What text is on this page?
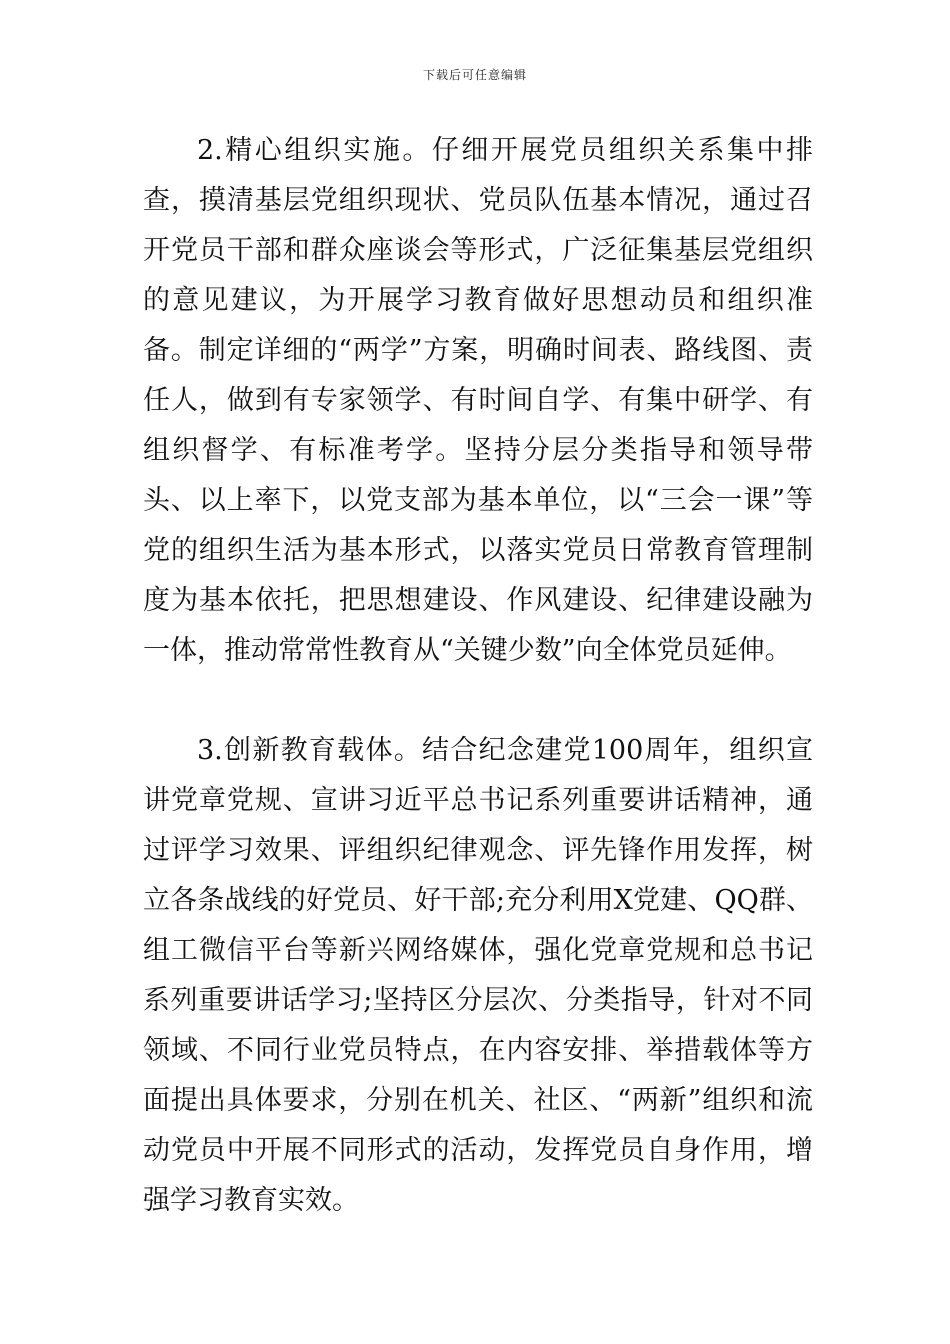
下载后可任意编辑

2.精心组织实施。仔细开展党员组织关系集中排查，摸清基层党组织现状、党员队伍基本情况，通过召开党员干部和群众座谈会等形式，广泛征集基层党组织的意见建议，为开展学习教育做好思想动员和组织准备。制定详细的“两学”方案，明确时间表、路线图、责任人，做到有专家领学、有时间自学、有集中研学、有组织督学、有标准考学。坚持分层分类指导和领导带头、以上率下，以党支部为基本单位，以“三会一课”等党的组织生活为基本形式，以落实党员日常教育管理制度为基本依托，把思想建设、作风建设、纪律建设融为一体，推动常常性教育从“关键少数”向全体党员延伸。

3.创新教育载体。结合纪念建党100周年，组织宣讲党章党规、宣讲习近平总书记系列重要讲话精神，通过评学习效果、评组织纪律观念、评先锋作用发挥，树立各条战线的好党员、好干部;充分利用X党建、QQ群、组工微信平台等新兴网络媒体，强化党章党规和总书记系列重要讲话学习;坚持区分层次、分类指导，针对不同领域、不同行业党员特点，在内容安排、举措载体等方面提出具体要求，分别在机关、社区、“两新”组织和流动党员中开展不同形式的活动，发挥党员自身作用，增强学习教育实效。
